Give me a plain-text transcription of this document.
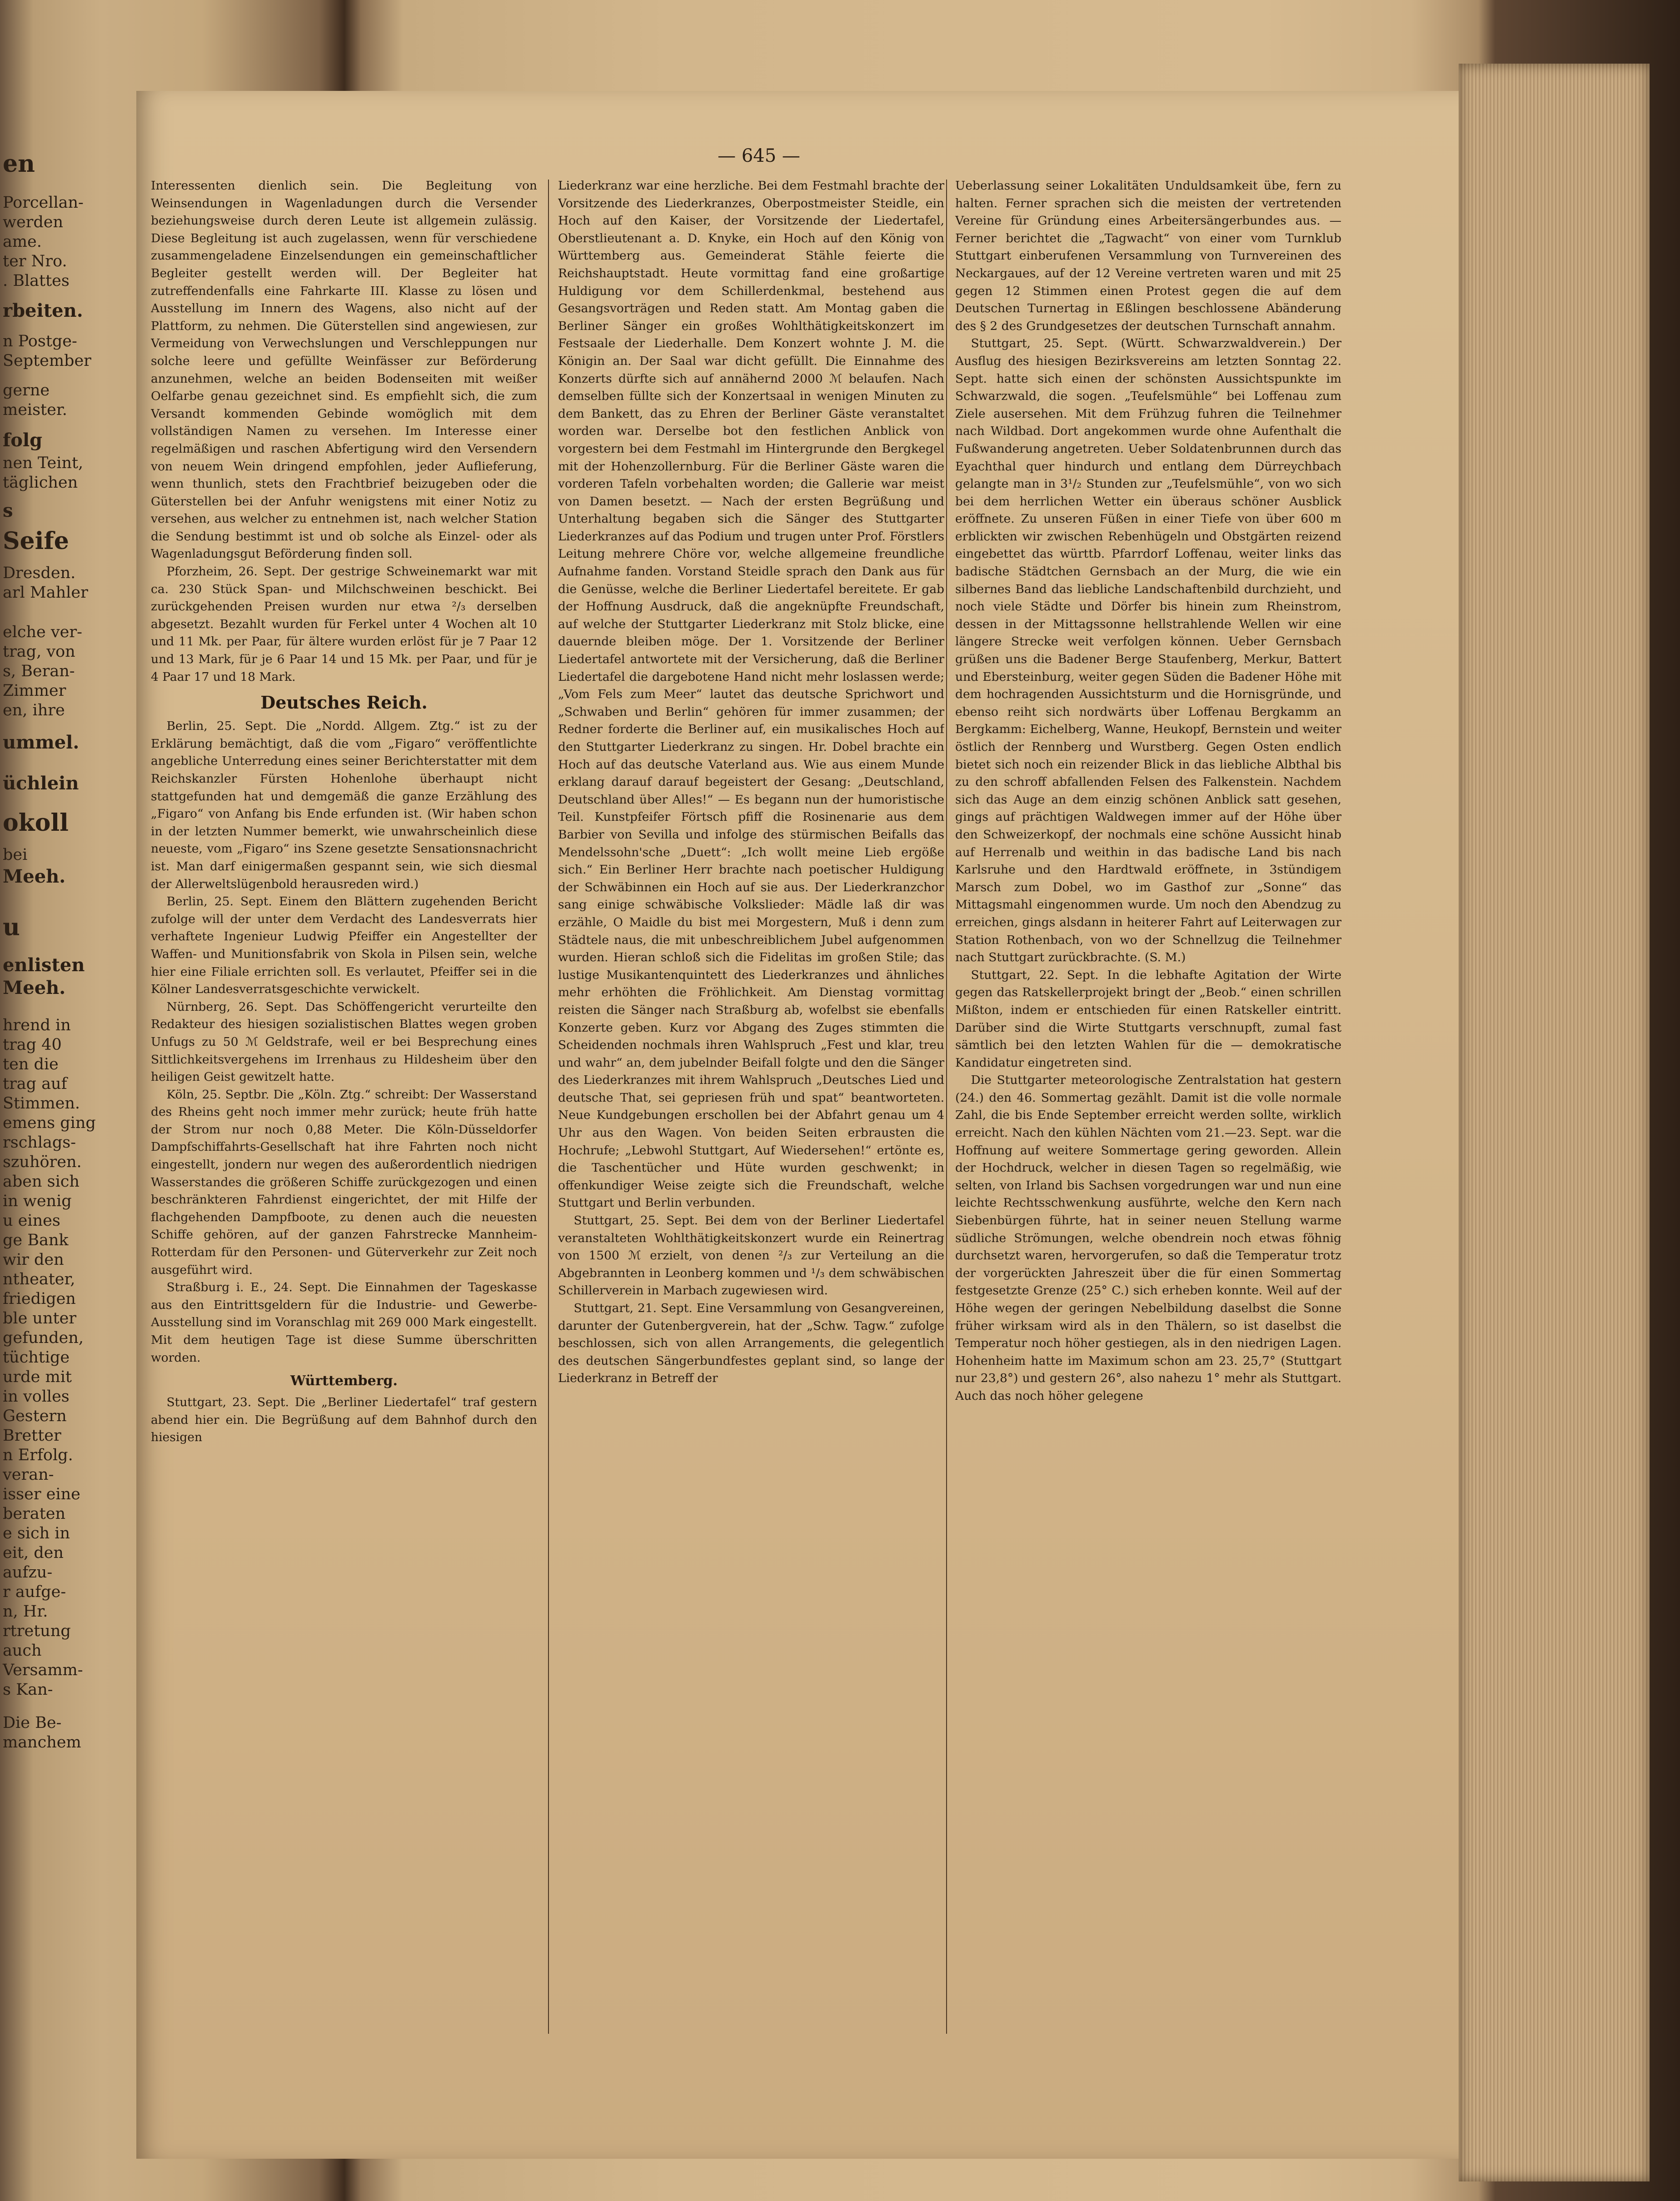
en
Porcellan-
werden
ame.
ter Nro.
. Blattes
rbeiten.
n Postge-
September
gerne
meister.
folg
nen Teint,
täglichen
s
Seife
Dresden.
arl Mahler
elche ver-
trag, von
s, Beran-
Zimmer
en, ihre
ummel.
üchlein
okoll
bei
Meeh.
u
enlisten
Meeh.
hrend in
trag 40
ten die
trag auf
Stimmen.
emens ging
rschlags-
szuhören.
aben sich
in wenig
u eines
ge Bank
wir den
ntheater,
friedigen
ble unter
gefunden,
tüchtige
urde mit
in volles
Gestern
Bretter
n Erfolg.
veran-
isser eine
beraten
e sich in
eit, den
aufzu-
r aufge-
n, Hr.
rtretung
auch
Versamm-
s Kan-
Die Be-
manchem
— 645 —

Interessenten dienlich sein. Die Begleitung von Weinsendungen in Wagenladungen durch die Versender beziehungsweise durch deren Leute ist allgemein zulässig. Diese Begleitung ist auch zugelassen, wenn für verschiedene zusammengeladene Einzelsendungen ein gemeinschaftlicher Begleiter gestellt werden will. Der Begleiter hat zutreffendenfalls eine Fahrkarte III. Klasse zu lösen und Ausstellung im Innern des Wagens, also nicht auf der Plattform, zu nehmen. Die Güterstellen sind angewiesen, zur Vermeidung von Verwechslungen und Verschleppungen nur solche leere und gefüllte Weinfässer zur Beförderung anzunehmen, welche an beiden Bodenseiten mit weißer Oelfarbe genau gezeichnet sind. Es empfiehlt sich, die zum Versandt kommenden Gebinde womöglich mit dem vollständigen Namen zu versehen. Im Interesse einer regelmäßigen und raschen Abfertigung wird den Versendern von neuem Wein dringend empfohlen, jeder Auflieferung, wenn thunlich, stets den Frachtbrief beizugeben oder die Güterstellen bei der Anfuhr wenigstens mit einer Notiz zu versehen, aus welcher zu entnehmen ist, nach welcher Station die Sendung bestimmt ist und ob solche als Einzel- oder als Wagenladungsgut Beförderung finden soll.

Pforzheim, 26. Sept. Der gestrige Schweinemarkt war mit ca. 230 Stück Span- und Milchschweinen beschickt. Bei zurückgehenden Preisen wurden nur etwa ²/₃ derselben abgesetzt. Bezahlt wurden für Ferkel unter 4 Wochen alt 10 und 11 Mk. per Paar, für ältere wurden erlöst für je 7 Paar 12 und 13 Mark, für je 6 Paar 14 und 15 Mk. per Paar, und für je 4 Paar 17 und 18 Mark.

Deutsches Reich.

Berlin, 25. Sept. Die „Nordd. Allgem. Ztg.“ ist zu der Erklärung bemächtigt, daß die vom „Figaro“ veröffentlichte angebliche Unterredung eines seiner Berichterstatter mit dem Reichskanzler Fürsten Hohenlohe überhaupt nicht stattgefunden hat und demgemäß die ganze Erzählung des „Figaro“ von Anfang bis Ende erfunden ist. (Wir haben schon in der letzten Nummer bemerkt, wie unwahrscheinlich diese neueste, vom „Figaro“ ins Szene gesetzte Sensationsnachricht ist. Man darf einigermaßen gespannt sein, wie sich diesmal der Allerweltslügenbold herausreden wird.)

Berlin, 25. Sept. Einem den Blättern zugehenden Bericht zufolge will der unter dem Verdacht des Landesverrats hier verhaftete Ingenieur Ludwig Pfeiffer ein Angestellter der Waffen- und Munitionsfabrik von Skola in Pilsen sein, welche hier eine Filiale errichten soll. Es verlautet, Pfeiffer sei in die Kölner Landesverratsgeschichte verwickelt.

Nürnberg, 26. Sept. Das Schöffengericht verurteilte den Redakteur des hiesigen sozialistischen Blattes wegen groben Unfugs zu 50 ℳ Geldstrafe, weil er bei Besprechung eines Sittlichkeitsvergehens im Irrenhaus zu Hildesheim über den heiligen Geist gewitzelt hatte.

Köln, 25. Septbr. Die „Köln. Ztg.“ schreibt: Der Wasserstand des Rheins geht noch immer mehr zurück; heute früh hatte der Strom nur noch 0,88 Meter. Die Köln-Düsseldorfer Dampfschiffahrts-Gesellschaft hat ihre Fahrten noch nicht eingestellt, jondern nur wegen des außerordentlich niedrigen Wasserstandes die größeren Schiffe zurückgezogen und einen beschränkteren Fahrdienst eingerichtet, der mit Hilfe der flachgehenden Dampfboote, zu denen auch die neuesten Schiffe gehören, auf der ganzen Fahrstrecke Mannheim-Rotterdam für den Personen- und Güterverkehr zur Zeit noch ausgeführt wird.

Straßburg i. E., 24. Sept. Die Einnahmen der Tageskasse aus den Eintrittsgeldern für die Industrie- und Gewerbe-Ausstellung sind im Voranschlag mit 269 000 Mark eingestellt. Mit dem heutigen Tage ist diese Summe überschritten worden.

Württemberg.

Stuttgart, 23. Sept. Die „Berliner Liedertafel“ traf gestern abend hier ein. Die Begrüßung auf dem Bahnhof durch den hiesigen

Liederkranz war eine herzliche. Bei dem Festmahl brachte der Vorsitzende des Liederkranzes, Oberpostmeister Steidle, ein Hoch auf den Kaiser, der Vorsitzende der Liedertafel, Oberstlieutenant a. D. Knyke, ein Hoch auf den König von Württemberg aus. Gemeinderat Stähle feierte die Reichshauptstadt. Heute vormittag fand eine großartige Huldigung vor dem Schillerdenkmal, bestehend aus Gesangsvorträgen und Reden statt. Am Montag gaben die Berliner Sänger ein großes Wohlthätigkeitskonzert im Festsaale der Liederhalle. Dem Konzert wohnte J. M. die Königin an. Der Saal war dicht gefüllt. Die Einnahme des Konzerts dürfte sich auf annähernd 2000 ℳ belaufen. Nach demselben füllte sich der Konzertsaal in wenigen Minuten zu dem Bankett, das zu Ehren der Berliner Gäste veranstaltet worden war. Derselbe bot den festlichen Anblick von vorgestern bei dem Festmahl im Hintergrunde den Bergkegel mit der Hohenzollernburg. Für die Berliner Gäste waren die vorderen Tafeln vorbehalten worden; die Gallerie war meist von Damen besetzt. — Nach der ersten Begrüßung und Unterhaltung begaben sich die Sänger des Stuttgarter Liederkranzes auf das Podium und trugen unter Prof. Förstlers Leitung mehrere Chöre vor, welche allgemeine freundliche Aufnahme fanden. Vorstand Steidle sprach den Dank aus für die Genüsse, welche die Berliner Liedertafel bereitete. Er gab der Hoffnung Ausdruck, daß die angeknüpfte Freundschaft, auf welche der Stuttgarter Liederkranz mit Stolz blicke, eine dauernde bleiben möge. Der 1. Vorsitzende der Berliner Liedertafel antwortete mit der Versicherung, daß die Berliner Liedertafel die dargebotene Hand nicht mehr loslassen werde; „Vom Fels zum Meer“ lautet das deutsche Sprichwort und „Schwaben und Berlin“ gehören für immer zusammen; der Redner forderte die Berliner auf, ein musikalisches Hoch auf den Stuttgarter Liederkranz zu singen. Hr. Dobel brachte ein Hoch auf das deutsche Vaterland aus. Wie aus einem Munde erklang darauf darauf begeistert der Gesang: „Deutschland, Deutschland über Alles!“ — Es begann nun der humoristische Teil. Kunstpfeifer Förtsch pfiff die Rosinenarie aus dem Barbier von Sevilla und infolge des stürmischen Beifalls das Mendelssohn'sche „Duett“: „Ich wollt meine Lieb ergöße sich.“ Ein Berliner Herr brachte nach poetischer Huldigung der Schwäbinnen ein Hoch auf sie aus. Der Liederkranzchor sang einige schwäbische Volkslieder: Mädle laß dir was erzähle, O Maidle du bist mei Morgestern, Muß i denn zum Städtele naus, die mit unbeschreiblichem Jubel aufgenommen wurden. Hieran schloß sich die Fidelitas im großen Stile; das lustige Musikantenquintett des Liederkranzes und ähnliches mehr erhöhten die Fröhlichkeit. Am Dienstag vormittag reisten die Sänger nach Straßburg ab, wofelbst sie ebenfalls Konzerte geben. Kurz vor Abgang des Zuges stimmten die Scheidenden nochmals ihren Wahlspruch „Fest und klar, treu und wahr“ an, dem jubelnder Beifall folgte und den die Sänger des Liederkranzes mit ihrem Wahlspruch „Deutsches Lied und deutsche That, sei gepriesen früh und spat“ beantworteten. Neue Kundgebungen erschollen bei der Abfahrt genau um 4 Uhr aus den Wagen. Von beiden Seiten erbrausten die Hochrufe; „Lebwohl Stuttgart, Auf Wiedersehen!“ ertönte es, die Taschentücher und Hüte wurden geschwenkt; in offenkundiger Weise zeigte sich die Freundschaft, welche Stuttgart und Berlin verbunden.

Stuttgart, 25. Sept. Bei dem von der Berliner Liedertafel veranstalteten Wohlthätigkeitskonzert wurde ein Reinertrag von 1500 ℳ erzielt, von denen ²/₃ zur Verteilung an die Abgebrannten in Leonberg kommen und ¹/₃ dem schwäbischen Schillerverein in Marbach zugewiesen wird.

Stuttgart, 21. Sept. Eine Versammlung von Gesangvereinen, darunter der Gutenbergverein, hat der „Schw. Tagw.“ zufolge beschlossen, sich von allen Arrangements, die gelegentlich des deutschen Sängerbundfestes geplant sind, so lange der Liederkranz in Betreff der

Ueberlassung seiner Lokalitäten Unduldsamkeit übe, fern zu halten. Ferner sprachen sich die meisten der vertretenden Vereine für Gründung eines Arbeitersängerbundes aus. — Ferner berichtet die „Tagwacht“ von einer vom Turnklub Stuttgart einberufenen Versammlung von Turnvereinen des Neckargaues, auf der 12 Vereine vertreten waren und mit 25 gegen 12 Stimmen einen Protest gegen die auf dem Deutschen Turnertag in Eßlingen beschlossene Abänderung des § 2 des Grundgesetzes der deutschen Turnschaft annahm.

Stuttgart, 25. Sept. (Württ. Schwarzwaldverein.) Der Ausflug des hiesigen Bezirksvereins am letzten Sonntag 22. Sept. hatte sich einen der schönsten Aussichtspunkte im Schwarzwald, die sogen. „Teufelsmühle“ bei Loffenau zum Ziele ausersehen. Mit dem Frühzug fuhren die Teilnehmer nach Wildbad. Dort angekommen wurde ohne Aufenthalt die Fußwanderung angetreten. Ueber Soldatenbrunnen durch das Eyachthal quer hindurch und entlang dem Dürreychbach gelangte man in 3¹/₂ Stunden zur „Teufelsmühle“, von wo sich bei dem herrlichen Wetter ein überaus schöner Ausblick eröffnete. Zu unseren Füßen in einer Tiefe von über 600 m erblickten wir zwischen Rebenhügeln und Obstgärten reizend eingebettet das württb. Pfarrdorf Loffenau, weiter links das badische Städtchen Gernsbach an der Murg, die wie ein silbernes Band das liebliche Landschaftenbild durchzieht, und noch viele Städte und Dörfer bis hinein zum Rheinstrom, dessen in der Mittagssonne hellstrahlende Wellen wir eine längere Strecke weit verfolgen können. Ueber Gernsbach grüßen uns die Badener Berge Staufenberg, Merkur, Battert und Ebersteinburg, weiter gegen Süden die Badener Höhe mit dem hochragenden Aussichtsturm und die Hornisgründe, und ebenso reiht sich nordwärts über Loffenau Bergkamm an Bergkamm: Eichelberg, Wanne, Heukopf, Bernstein und weiter östlich der Rennberg und Wurstberg. Gegen Osten endlich bietet sich noch ein reizender Blick in das liebliche Albthal bis zu den schroff abfallenden Felsen des Falkenstein. Nachdem sich das Auge an dem einzig schönen Anblick satt gesehen, gings auf prächtigen Waldwegen immer auf der Höhe über den Schweizerkopf, der nochmals eine schöne Aussicht hinab auf Herrenalb und weithin in das badische Land bis nach Karlsruhe und den Hardtwald eröffnete, in 3stündigem Marsch zum Dobel, wo im Gasthof zur „Sonne“ das Mittagsmahl eingenommen wurde. Um noch den Abendzug zu erreichen, gings alsdann in heiterer Fahrt auf Leiterwagen zur Station Rothenbach, von wo der Schnellzug die Teilnehmer nach Stuttgart zurückbrachte. (S. M.)

Stuttgart, 22. Sept. In die lebhafte Agitation der Wirte gegen das Ratskellerprojekt bringt der „Beob.“ einen schrillen Mißton, indem er entschieden für einen Ratskeller eintritt. Darüber sind die Wirte Stuttgarts verschnupft, zumal fast sämtlich bei den letzten Wahlen für die — demokratische Kandidatur eingetreten sind.

Die Stuttgarter meteorologische Zentralstation hat gestern (24.) den 46. Sommertag gezählt. Damit ist die volle normale Zahl, die bis Ende September erreicht werden sollte, wirklich erreicht. Nach den kühlen Nächten vom 21.—23. Sept. war die Hoffnung auf weitere Sommertage gering geworden. Allein der Hochdruck, welcher in diesen Tagen so regelmäßig, wie selten, von Irland bis Sachsen vorgedrungen war und nun eine leichte Rechtsschwenkung ausführte, welche den Kern nach Siebenbürgen führte, hat in seiner neuen Stellung warme südliche Strömungen, welche obendrein noch etwas föhnig durchsetzt waren, hervorgerufen, so daß die Temperatur trotz der vorgerückten Jahreszeit über die für einen Sommertag festgesetzte Grenze (25° C.) sich erheben konnte. Weil auf der Höhe wegen der geringen Nebelbildung daselbst die Sonne früher wirksam wird als in den Thälern, so ist daselbst die Temperatur noch höher gestiegen, als in den niedrigen Lagen. Hohenheim hatte im Maximum schon am 23. 25,7° (Stuttgart nur 23,8°) und gestern 26°, also nahezu 1° mehr als Stuttgart. Auch das noch höher gelegene
